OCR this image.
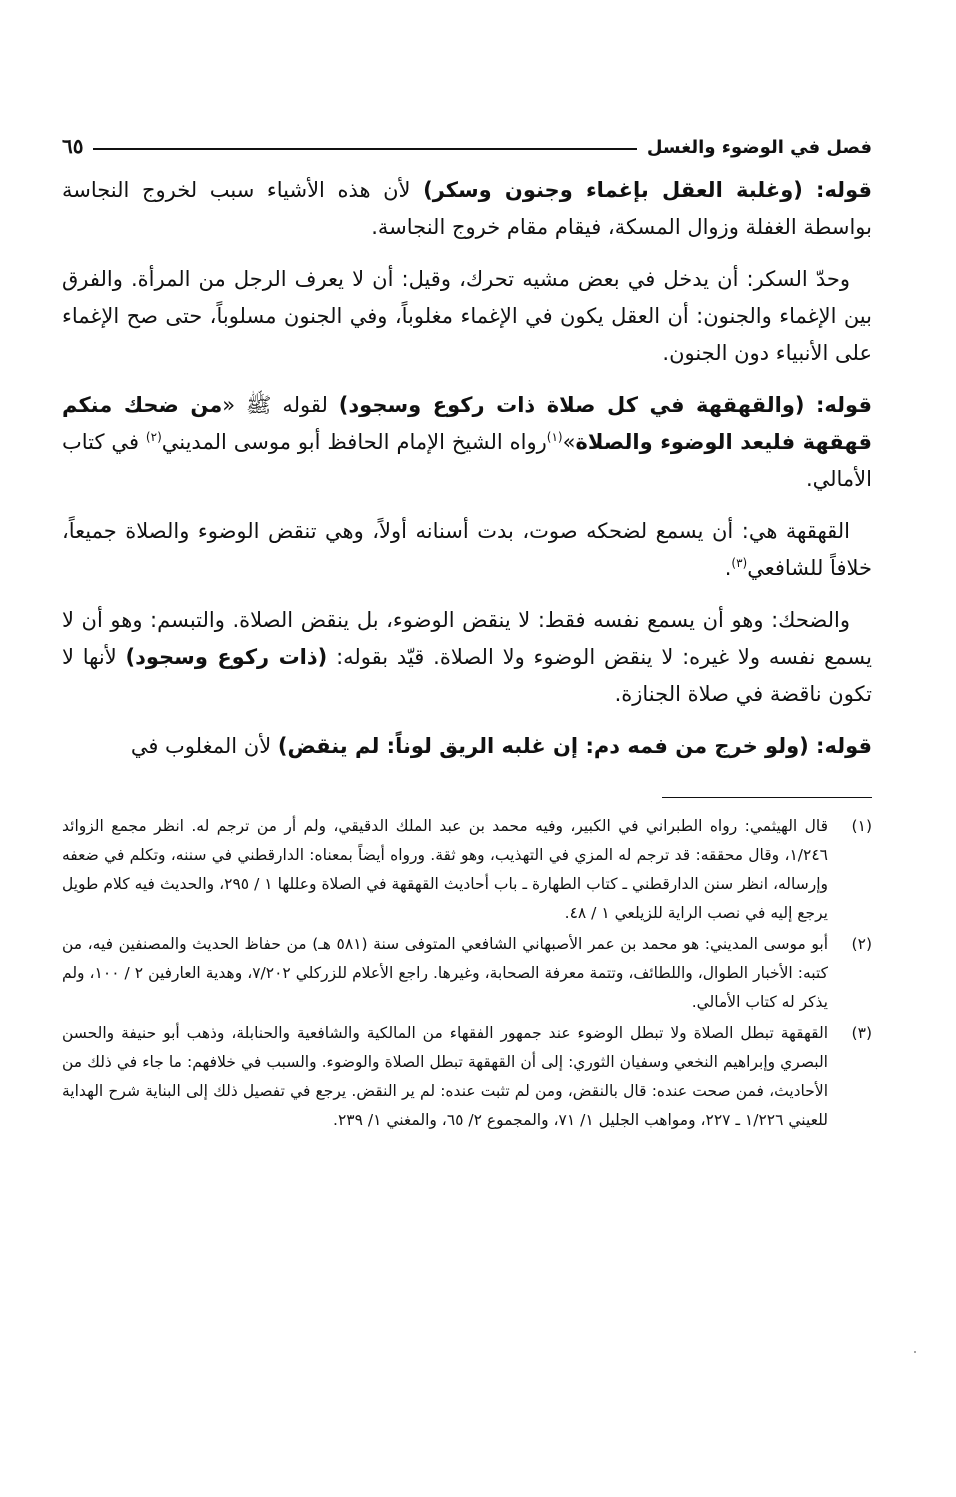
فصل في الوضوء والغسل
٦٥

قوله: (وغلبة العقل بإغماء وجنون وسكر) لأن هذه الأشياء سبب لخروج النجاسة بواسطة الغفلة وزوال المسكة، فيقام مقام خروج النجاسة.

وحدّ السكر: أن يدخل في بعض مشيه تحرك، وقيل: أن لا يعرف الرجل من المرأة. والفرق بين الإغماء والجنون: أن العقل يكون في الإغماء مغلوباً، وفي الجنون مسلوباً، حتى صح الإغماء على الأنبياء دون الجنون.

قوله: (والقهقهة في كل صلاة ذات ركوع وسجود) لقوله ﷺ «من ضحك منكم قهقهة فليعد الوضوء والصلاة»$^{(١)}$رواه الشيخ الإمام الحافظ أبو موسى المديني$^{(٢)}$ في كتاب الأمالي.

القهقهة هي: أن يسمع لضحكه صوت، بدت أسنانه أولاً، وهي تنقض الوضوء والصلاة جميعاً، خلافاً للشافعي$^{(٣)}$.

والضحك: وهو أن يسمع نفسه فقط: لا ينقض الوضوء، بل ينقض الصلاة. والتبسم: وهو أن لا يسمع نفسه ولا غيره: لا ينقض الوضوء ولا الصلاة. قيّد بقوله: (ذات ركوع وسجود) لأنها لا تكون ناقضة في صلاة الجنازة.

قوله: (ولو خرج من فمه دم: إن غلبه الريق لوناً: لم ينقض) لأن المغلوب في

(١)
قال الهيثمي: رواه الطبراني في الكبير، وفيه محمد بن عبد الملك الدقيقي، ولم أر من ترجم له. انظر مجمع الزوائد ١/٢٤٦، وقال محققه: قد ترجم له المزي في التهذيب، وهو ثقة. ورواه أيضاً بمعناه: الدارقطني في سننه، وتكلم في ضعفه وإرساله، انظر سنن الدارقطني ـ كتاب الطهارة ـ باب أحاديث القهقهة في الصلاة وعللها ١ / ٢٩٥، والحديث فيه كلام طويل يرجع إليه في نصب الراية للزيلعي ١ / ٤٨.
(٢)
أبو موسى المديني: هو محمد بن عمر الأصبهاني الشافعي المتوفى سنة (٥٨١ هـ) من حفاظ الحديث والمصنفين فيه، من كتبه: الأخبار الطوال، واللطائف، وتتمة معرفة الصحابة، وغيرها. راجع الأعلام للزركلي ٧/٢٠٢، وهدية العارفين ٢ / ١٠٠، ولم يذكر له كتاب الأمالي.
(٣)
القهقهة تبطل الصلاة ولا تبطل الوضوء عند جمهور الفقهاء من المالكية والشافعية والحنابلة، وذهب أبو حنيفة والحسن البصري وإبراهيم النخعي وسفيان الثوري: إلى أن القهقهة تبطل الصلاة والوضوء. والسبب في خلافهم: ما جاء في ذلك من الأحاديث، فمن صحت عنده: قال بالنقض، ومن لم تثبت عنده: لم ير النقض. يرجع في تفصيل ذلك إلى البناية شرح الهداية للعيني ١/٢٢٦ ـ ٢٢٧، ومواهب الجليل ١/ ٧١، والمجموع ٢/ ٦٥، والمغني ١/ ٢٣٩.
